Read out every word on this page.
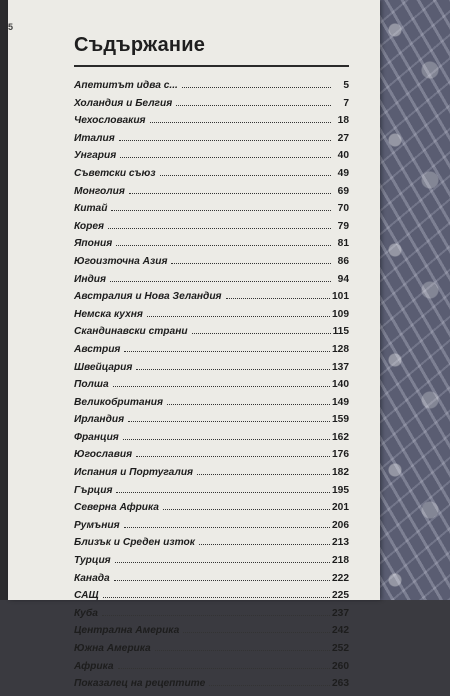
5
Съдържание
Апетитът идва с...	5
Холандия и Белгия	7
Чехословакия	18
Италия	27
Унгария	40
Съветски съюз	49
Монголия	69
Китай	70
Корея	79
Япония	81
Югоизточна Азия	86
Индия	94
Австралия и Нова Зеландия	101
Немска кухня	109
Скандинавски страни	115
Австрия	128
Швейцария	137
Полша	140
Великобритания	149
Ирландия	159
Франция	162
Югославия	176
Испания и Португалия	182
Гърция	195
Северна Африка	201
Румъния	206
Близък и Среден изток	213
Турция	218
Канада	222
САЩ	225
Куба	237
Централна Америка	242
Южна Америка	252
Африка	260
Показалец на рецептите	263
